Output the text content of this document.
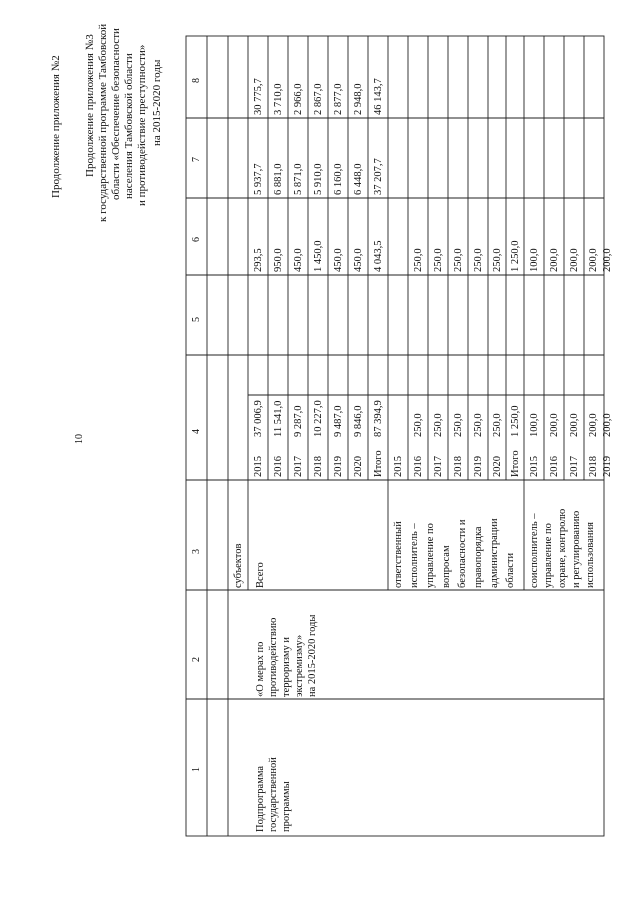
10
Продолжение приложения №2 Продолжение приложения №3 к государственной программе Тамбовской области «Обеспечение безопасности населения Тамбовской области и противодействие преступности» на 2015-2020 годы
1
2
3
4
5
6
7
8
субъектов
Подпрограмма государственной программы
«О мерах по противодействию терроризму и экстремизму» на 2015-2020 годы
Всего
2015
37 006,9
293,5
5 937,7
30 775,7
2016
11 541,0
950,0
6 881,0
3 710,0
2017
9 287,0
450,0
5 871,0
2 966,0
2018
10 227,0
1 450,0
5 910,0
2 867,0
2019
9 487,0
450,0
6 160,0
2 877,0
2020
9 846,0
450,0
6 448,0
2 948,0
Итого
87 394,9
4 043,5
37 207,7
46 143,7
ответственный исполнитель – управление по вопросам безопасности и правопорядка администрации области
2015 2016
250,0
250,0
2017
250,0
250,0
2018
250,0
250,0
2019
250,0
250,0
2020
250,0
250,0
Итого
1 250,0
1 250,0
соисполнитель – управление по охране, контролю и регулированию использования
2015
100,0
100,0
2016
200,0
200,0
2017
200,0
200,0
2018
200,0
200,0
2019
200,0
200,0
